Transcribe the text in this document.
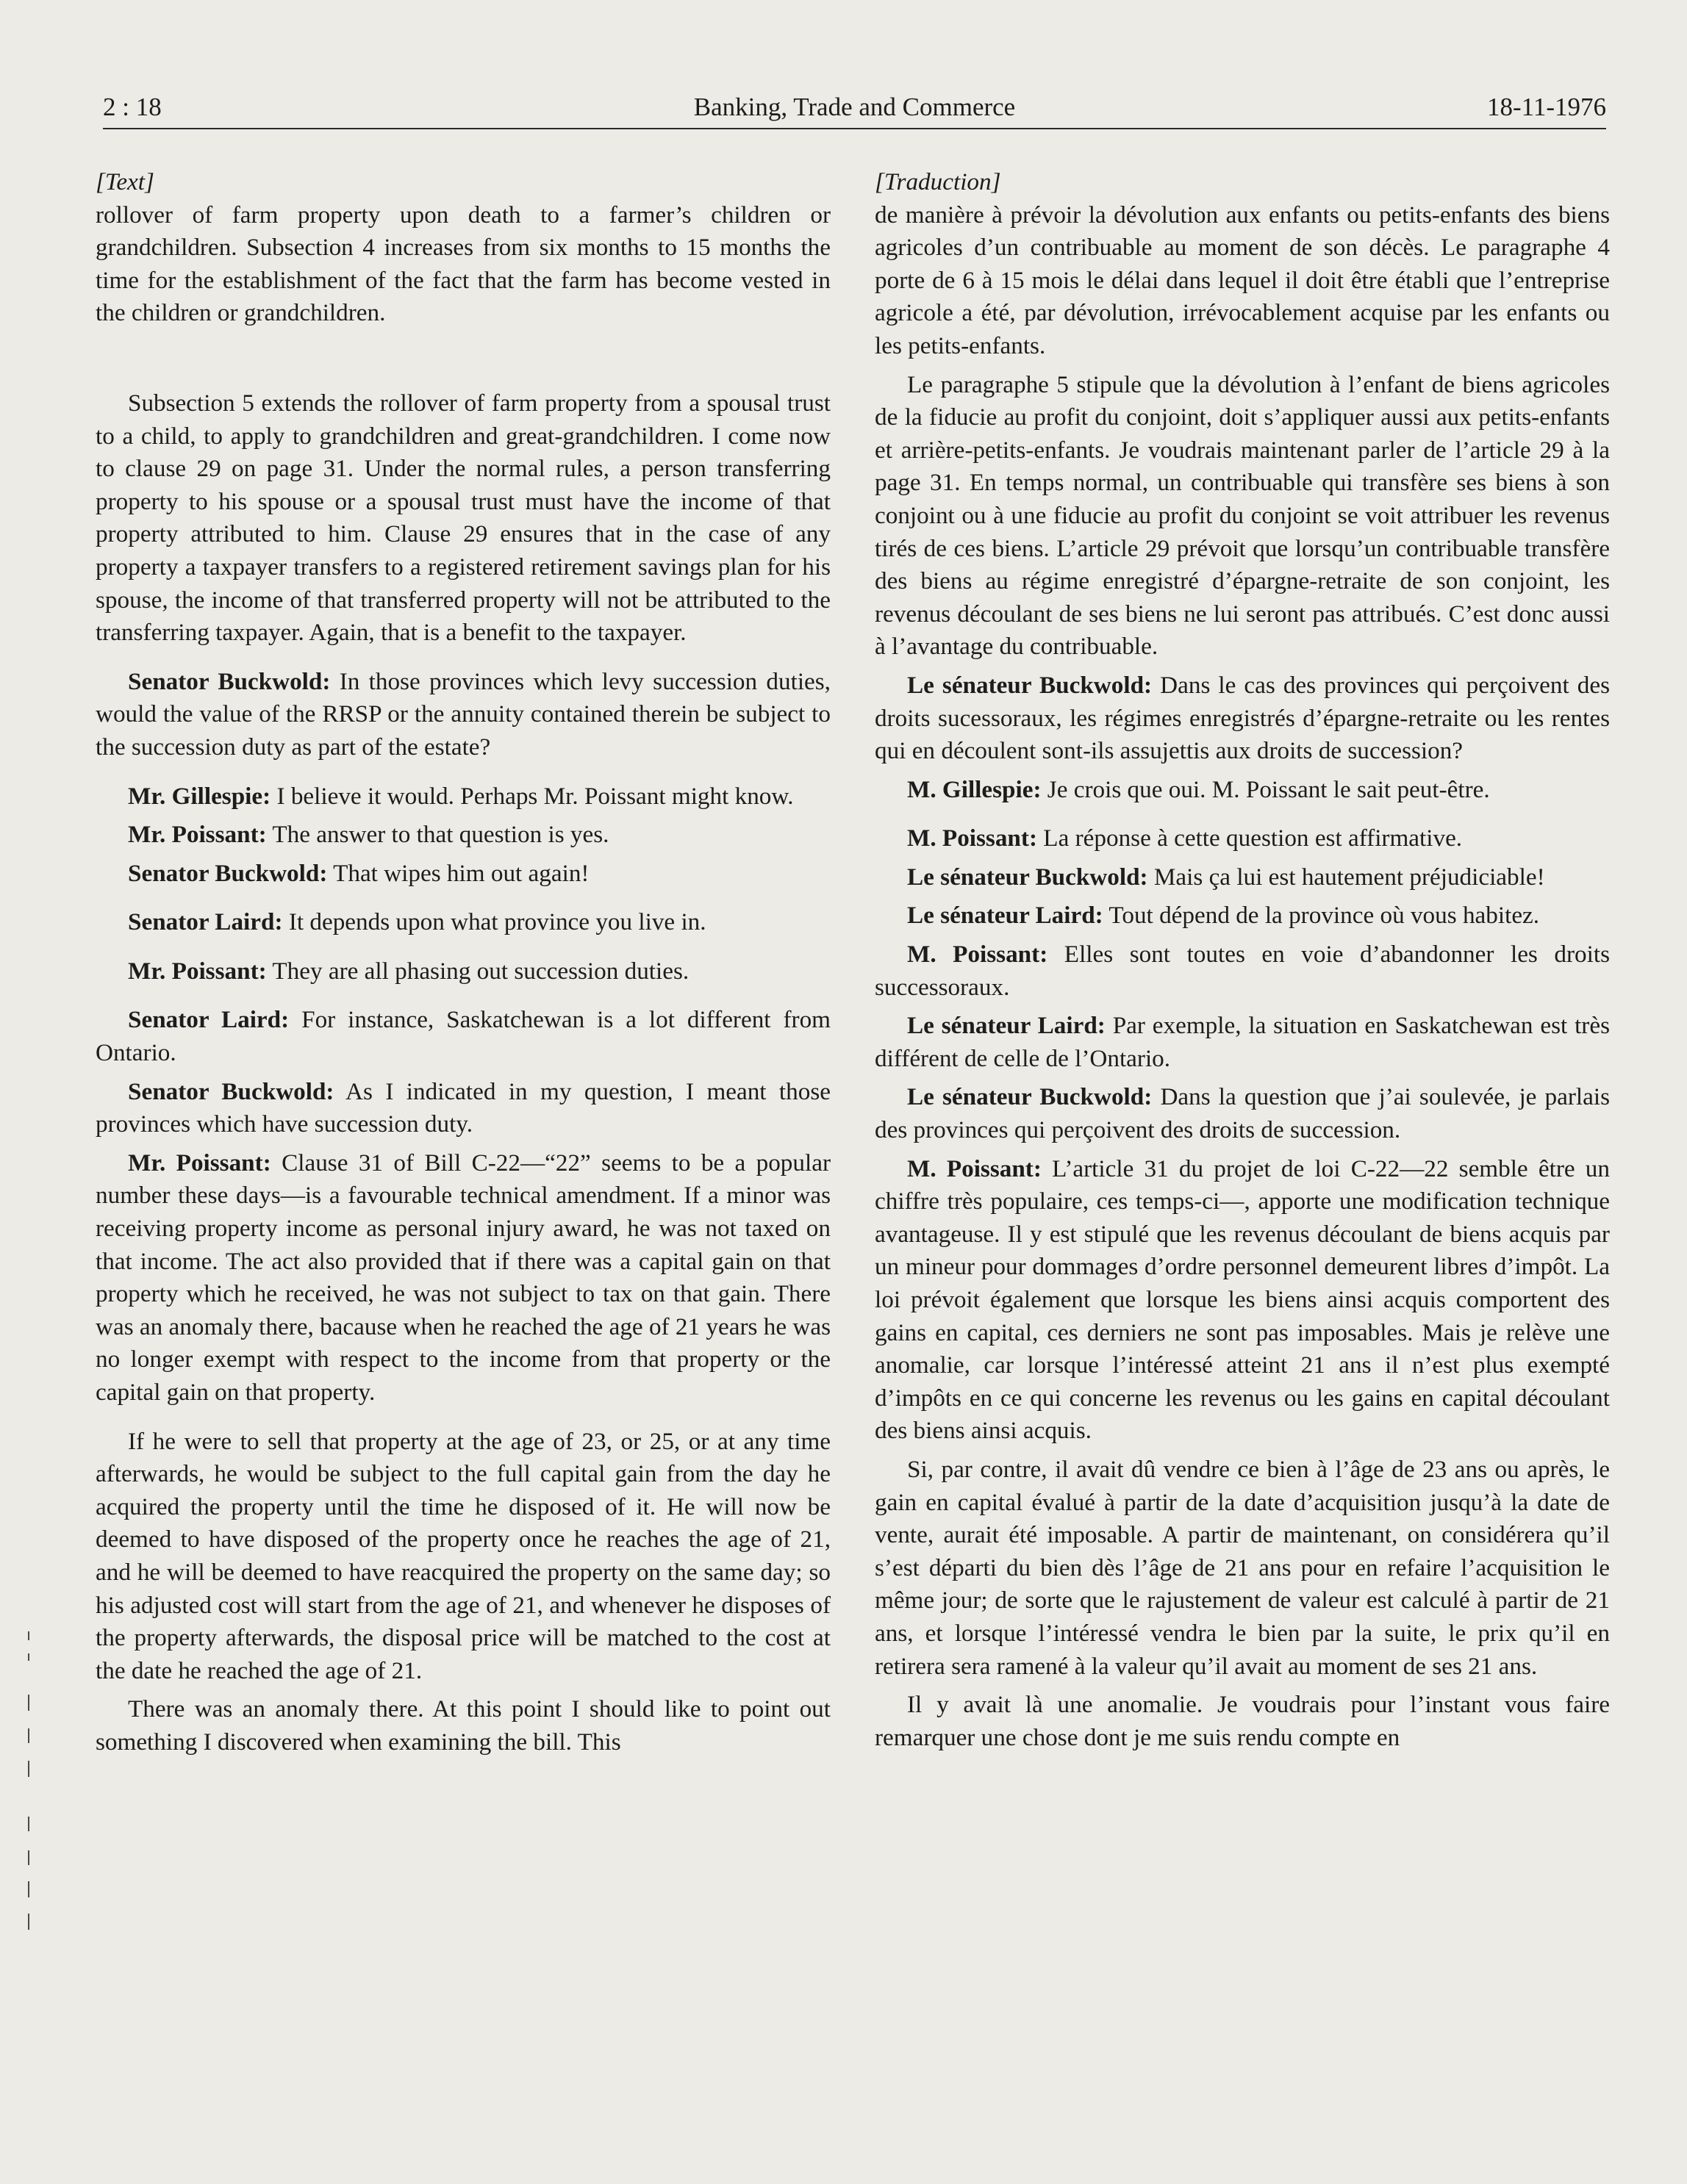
2 : 18	Banking, Trade and Commerce	18-11-1976

[Text]

rollover of farm property upon death to a farmer’s children or grandchildren. Subsection 4 increases from six months to 15 months the time for the establishment of the fact that the farm has become vested in the children or grandchildren.

Subsection 5 extends the rollover of farm property from a spousal trust to a child, to apply to grandchildren and great-grandchildren. I come now to clause 29 on page 31. Under the normal rules, a person transferring property to his spouse or a spousal trust must have the income of that property attributed to him. Clause 29 ensures that in the case of any property a taxpayer transfers to a registered retirement savings plan for his spouse, the income of that transferred property will not be attributed to the transferring taxpayer. Again, that is a benefit to the taxpayer.

Senator Buckwold: In those provinces which levy succession duties, would the value of the RRSP or the annuity contained therein be subject to the succession duty as part of the estate?

Mr. Gillespie: I believe it would. Perhaps Mr. Poissant might know.

Mr. Poissant: The answer to that question is yes.

Senator Buckwold: That wipes him out again!

Senator Laird: It depends upon what province you live in.

Mr. Poissant: They are all phasing out succession duties.

Senator Laird: For instance, Saskatchewan is a lot different from Ontario.

Senator Buckwold: As I indicated in my question, I meant those provinces which have succession duty.

Mr. Poissant: Clause 31 of Bill C-22—“22” seems to be a popular number these days—is a favourable technical amendment. If a minor was receiving property income as personal injury award, he was not taxed on that income. The act also provided that if there was a capital gain on that property which he received, he was not subject to tax on that gain. There was an anomaly there, bacause when he reached the age of 21 years he was no longer exempt with respect to the income from that property or the capital gain on that property.

If he were to sell that property at the age of 23, or 25, or at any time afterwards, he would be subject to the full capital gain from the day he acquired the property until the time he disposed of it. He will now be deemed to have disposed of the property once he reaches the age of 21, and he will be deemed to have reacquired the property on the same day; so his adjusted cost will start from the age of 21, and whenever he disposes of the property afterwards, the disposal price will be matched to the cost at the date he reached the age of 21.

There was an anomaly there. At this point I should like to point out something I discovered when examining the bill. This

[Traduction]

de manière à prévoir la dévolution aux enfants ou petits-enfants des biens agricoles d’un contribuable au moment de son décès. Le paragraphe 4 porte de 6 à 15 mois le délai dans lequel il doit être établi que l’entreprise agricole a été, par dévolution, irrévocablement acquise par les enfants ou les petits-enfants.

Le paragraphe 5 stipule que la dévolution à l’enfant de biens agricoles de la fiducie au profit du conjoint, doit s’appliquer aussi aux petits-enfants et arrière-petits-enfants. Je voudrais maintenant parler de l’article 29 à la page 31. En temps normal, un contribuable qui transfère ses biens à son conjoint ou à une fiducie au profit du conjoint se voit attribuer les revenus tirés de ces biens. L’article 29 prévoit que lorsqu’un contribuable transfère des biens au régime enregistré d’épargne-retraite de son conjoint, les revenus découlant de ses biens ne lui seront pas attribués. C’est donc aussi à l’avantage du contribuable.

Le sénateur Buckwold: Dans le cas des provinces qui perçoivent des droits sucessoraux, les régimes enregistrés d’épargne-retraite ou les rentes qui en découlent sont-ils assujettis aux droits de succession?

M. Gillespie: Je crois que oui. M. Poissant le sait peut-être.

M. Poissant: La réponse à cette question est affirmative.

Le sénateur Buckwold: Mais ça lui est hautement préjudiciable!

Le sénateur Laird: Tout dépend de la province où vous habitez.

M. Poissant: Elles sont toutes en voie d’abandonner les droits successoraux.

Le sénateur Laird: Par exemple, la situation en Saskatchewan est très différent de celle de l’Ontario.

Le sénateur Buckwold: Dans la question que j’ai soulevée, je parlais des provinces qui perçoivent des droits de succession.

M. Poissant: L’article 31 du projet de loi C-22—22 semble être un chiffre très populaire, ces temps-ci—, apporte une modification technique avantageuse. Il y est stipulé que les revenus découlant de biens acquis par un mineur pour dommages d’ordre personnel demeurent libres d’impôt. La loi prévoit également que lorsque les biens ainsi acquis comportent des gains en capital, ces derniers ne sont pas imposables. Mais je relève une anomalie, car lorsque l’intéressé atteint 21 ans il n’est plus exempté d’impôts en ce qui concerne les revenus ou les gains en capital découlant des biens ainsi acquis.

Si, par contre, il avait dû vendre ce bien à l’âge de 23 ans ou après, le gain en capital évalué à partir de la date d’acquisition jusqu’à la date de vente, aurait été imposable. A partir de maintenant, on considérera qu’il s’est départi du bien dès l’âge de 21 ans pour en refaire l’acquisition le même jour; de sorte que le rajustement de valeur est calculé à partir de 21 ans, et lorsque l’intéressé vendra le bien par la suite, le prix qu’il en retirera sera ramené à la valeur qu’il avait au moment de ses 21 ans.

Il y avait là une anomalie. Je voudrais pour l’instant vous faire remarquer une chose dont je me suis rendu compte en
